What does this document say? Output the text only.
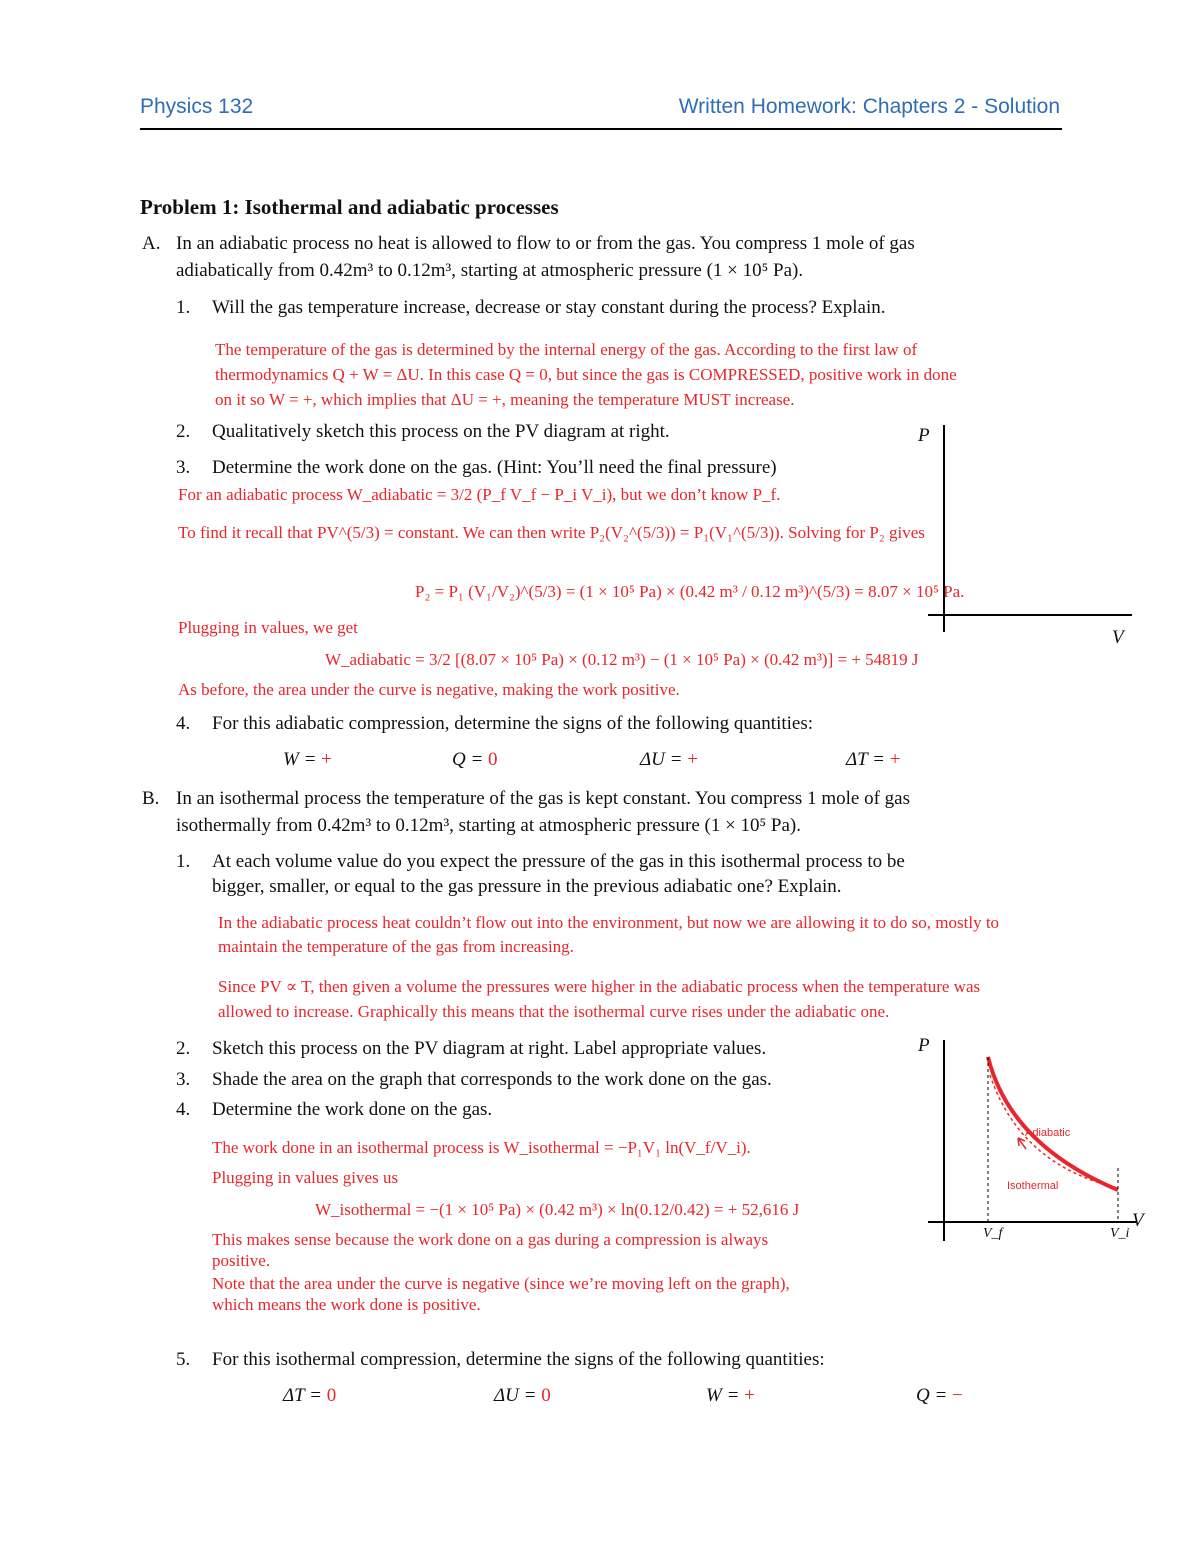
Physics 132	Written Homework: Chapters 2 - Solution
Problem 1: Isothermal and adiabatic processes
A. In an adiabatic process no heat is allowed to flow to or from the gas. You compress 1 mole of gas
adiabatically from 0.42m³ to 0.12m³, starting at atmospheric pressure (1 × 10⁵ Pa).
1. Will the gas temperature increase, decrease or stay constant during the process? Explain.
The temperature of the gas is determined by the internal energy of the gas. According to the first law of
thermodynamics Q + W = ΔU. In this case Q = 0, but since the gas is COMPRESSED, positive work in done
on it so W = +, which implies that ΔU = +, meaning the temperature MUST increase.
2. Qualitatively sketch this process on the PV diagram at right.
3. Determine the work done on the gas. (Hint: You’ll need the final pressure)
For an adiabatic process W_adiabatic = 3/2 (P_f V_f − P_i V_i), but we don’t know P_f.
To find it recall that PV^(5/3) = constant. We can then write P₂(V₂^(5/3)) = P₁(V₁^(5/3)). Solving for P₂ gives
P₂ = P₁ (V₁/V₂)^(5/3) = (1 × 10⁵ Pa) × (0.42 m³ / 0.12 m³)^(5/3) = 8.07 × 10⁵ Pa.
Plugging in values, we get
W_adiabatic = 3/2 [(8.07 × 10⁵ Pa) × (0.12 m³) − (1 × 10⁵ Pa) × (0.42 m³)] = + 54819 J
As before, the area under the curve is negative, making the work positive.
4. For this adiabatic compression, determine the signs of the following quantities:
W = +	Q = 0	ΔU = +	ΔT = +
P
V
B. In an isothermal process the temperature of the gas is kept constant. You compress 1 mole of gas
isothermally from 0.42m³ to 0.12m³, starting at atmospheric pressure (1 × 10⁵ Pa).
1. At each volume value do you expect the pressure of the gas in this isothermal process to be
bigger, smaller, or equal to the gas pressure in the previous adiabatic one? Explain.
In the adiabatic process heat couldn’t flow out into the environment, but now we are allowing it to do so, mostly to
maintain the temperature of the gas from increasing.
Since PV ∝ T, then given a volume the pressures were higher in the adiabatic process when the temperature was
allowed to increase. Graphically this means that the isothermal curve rises under the adiabatic one.
2. Sketch this process on the PV diagram at right. Label appropriate values.
3. Shade the area on the graph that corresponds to the work done on the gas.
4. Determine the work done on the gas.
The work done in an isothermal process is W_isothermal = −P₁V₁ ln(V_f/V_i).
Plugging in values gives us
W_isothermal = −(1 × 10⁵ Pa) × (0.42 m³) × ln(0.12/0.42) = + 52,616 J
This makes sense because the work done on a gas during a compression is always
positive.
Note that the area under the curve is negative (since we’re moving left on the graph),
which means the work done is positive.
5. For this isothermal compression, determine the signs of the following quantities:
ΔT = 0	ΔU = 0	W = +	Q = −
P
V
V_f	V_i
Adiabatic
Isothermal
